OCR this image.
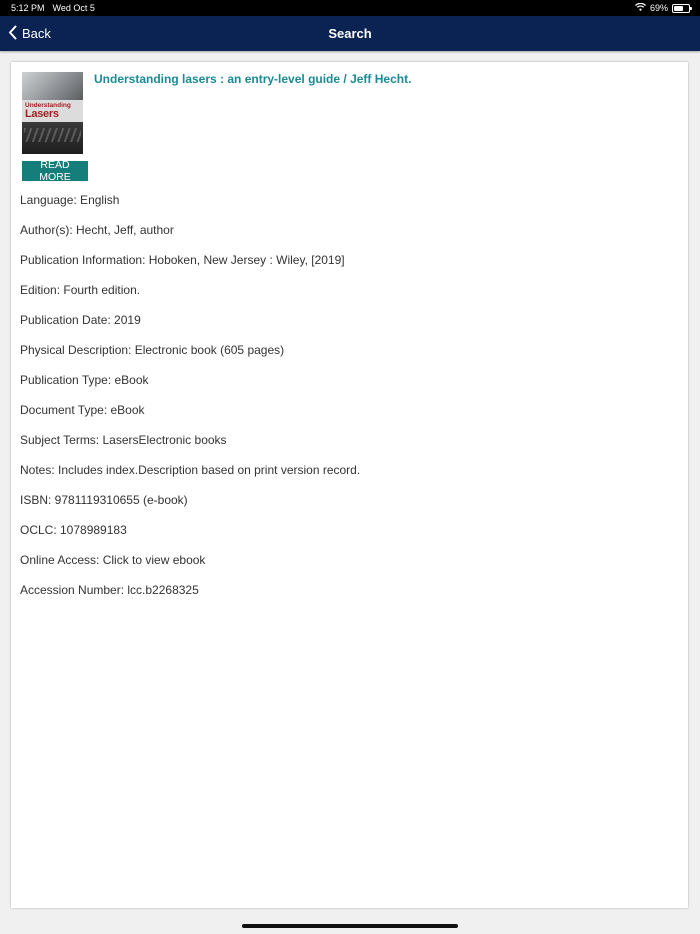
5:12 PM Wed Oct 5	69%
Back	Search
Understanding
Lasers
Understanding lasers : an entry-level guide / Jeff Hecht.
READ MORE
Language: English
Author(s): Hecht, Jeff, author
Publication Information: Hoboken, New Jersey : Wiley, [2019]
Edition: Fourth edition.
Publication Date: 2019
Physical Description: Electronic book (605 pages)
Publication Type: eBook
Document Type: eBook
Subject Terms: LasersElectronic books
Notes: Includes index.Description based on print version record.
ISBN: 9781119310655 (e-book)
OCLC: 1078989183
Online Access: Click to view ebook
Accession Number: lcc.b2268325
